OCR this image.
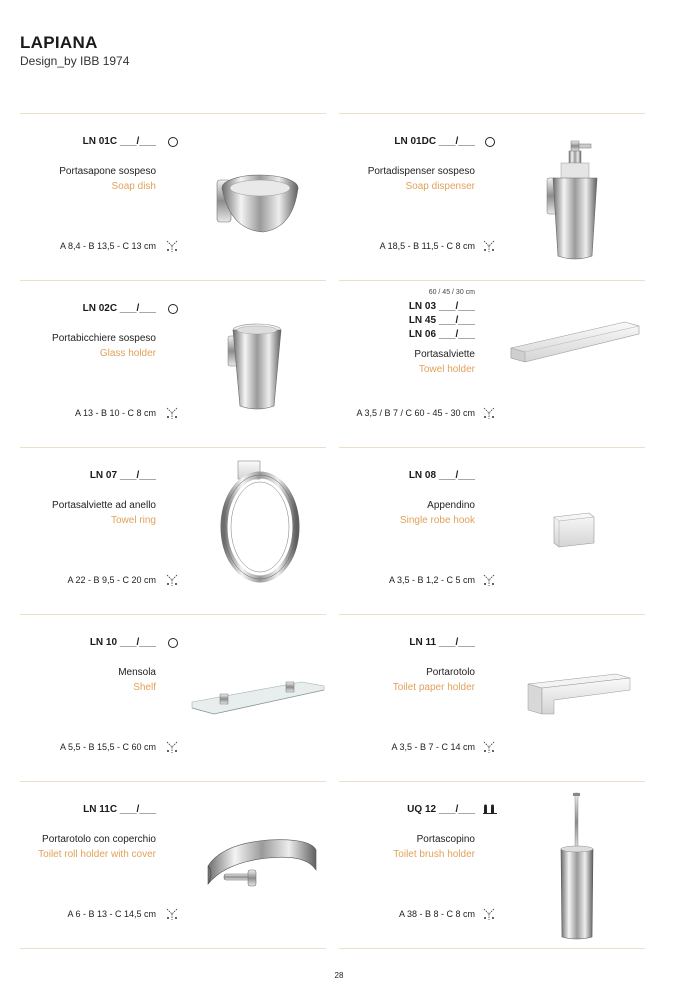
LAPIANA
Design_by IBB 1974
LN 01C ___/___
Portasapone sospeso
Soap dish
A 8,4 - B 13,5 - C 13 cm
LN 01DC ___/___
Portadispenser sospeso
Soap dispenser
A 18,5 - B 11,5 - C 8 cm
LN 02C ___/___
Portabicchiere sospeso
Glass holder
A 13 - B 10 - C 8 cm
60 / 45 / 30 cm
LN 03 ___/___
LN 45 ___/___
LN 06 ___/___
Portasalviette
Towel holder
A 3,5 / B 7 / C 60 - 45 - 30 cm
LN 07 ___/___
Portasalviette ad anello
Towel ring
A 22 - B 9,5 - C 20 cm
LN 08 ___/___
Appendino
Single robe hook
A 3,5 - B 1,2 - C 5 cm
LN 10 ___/___
Mensola
Shelf
A 5,5 - B 15,5 - C 60 cm
LN 11 ___/___
Portarotolo
Toilet paper holder
A 3,5 - B 7 - C 14 cm
LN 11C ___/___
Portarotolo con coperchio
Toilet roll holder with cover
A 6 - B 13 - C 14,5 cm
UQ 12 ___/___
Portascopino
Toilet brush holder
A 38 - B 8 - C 8 cm
28
